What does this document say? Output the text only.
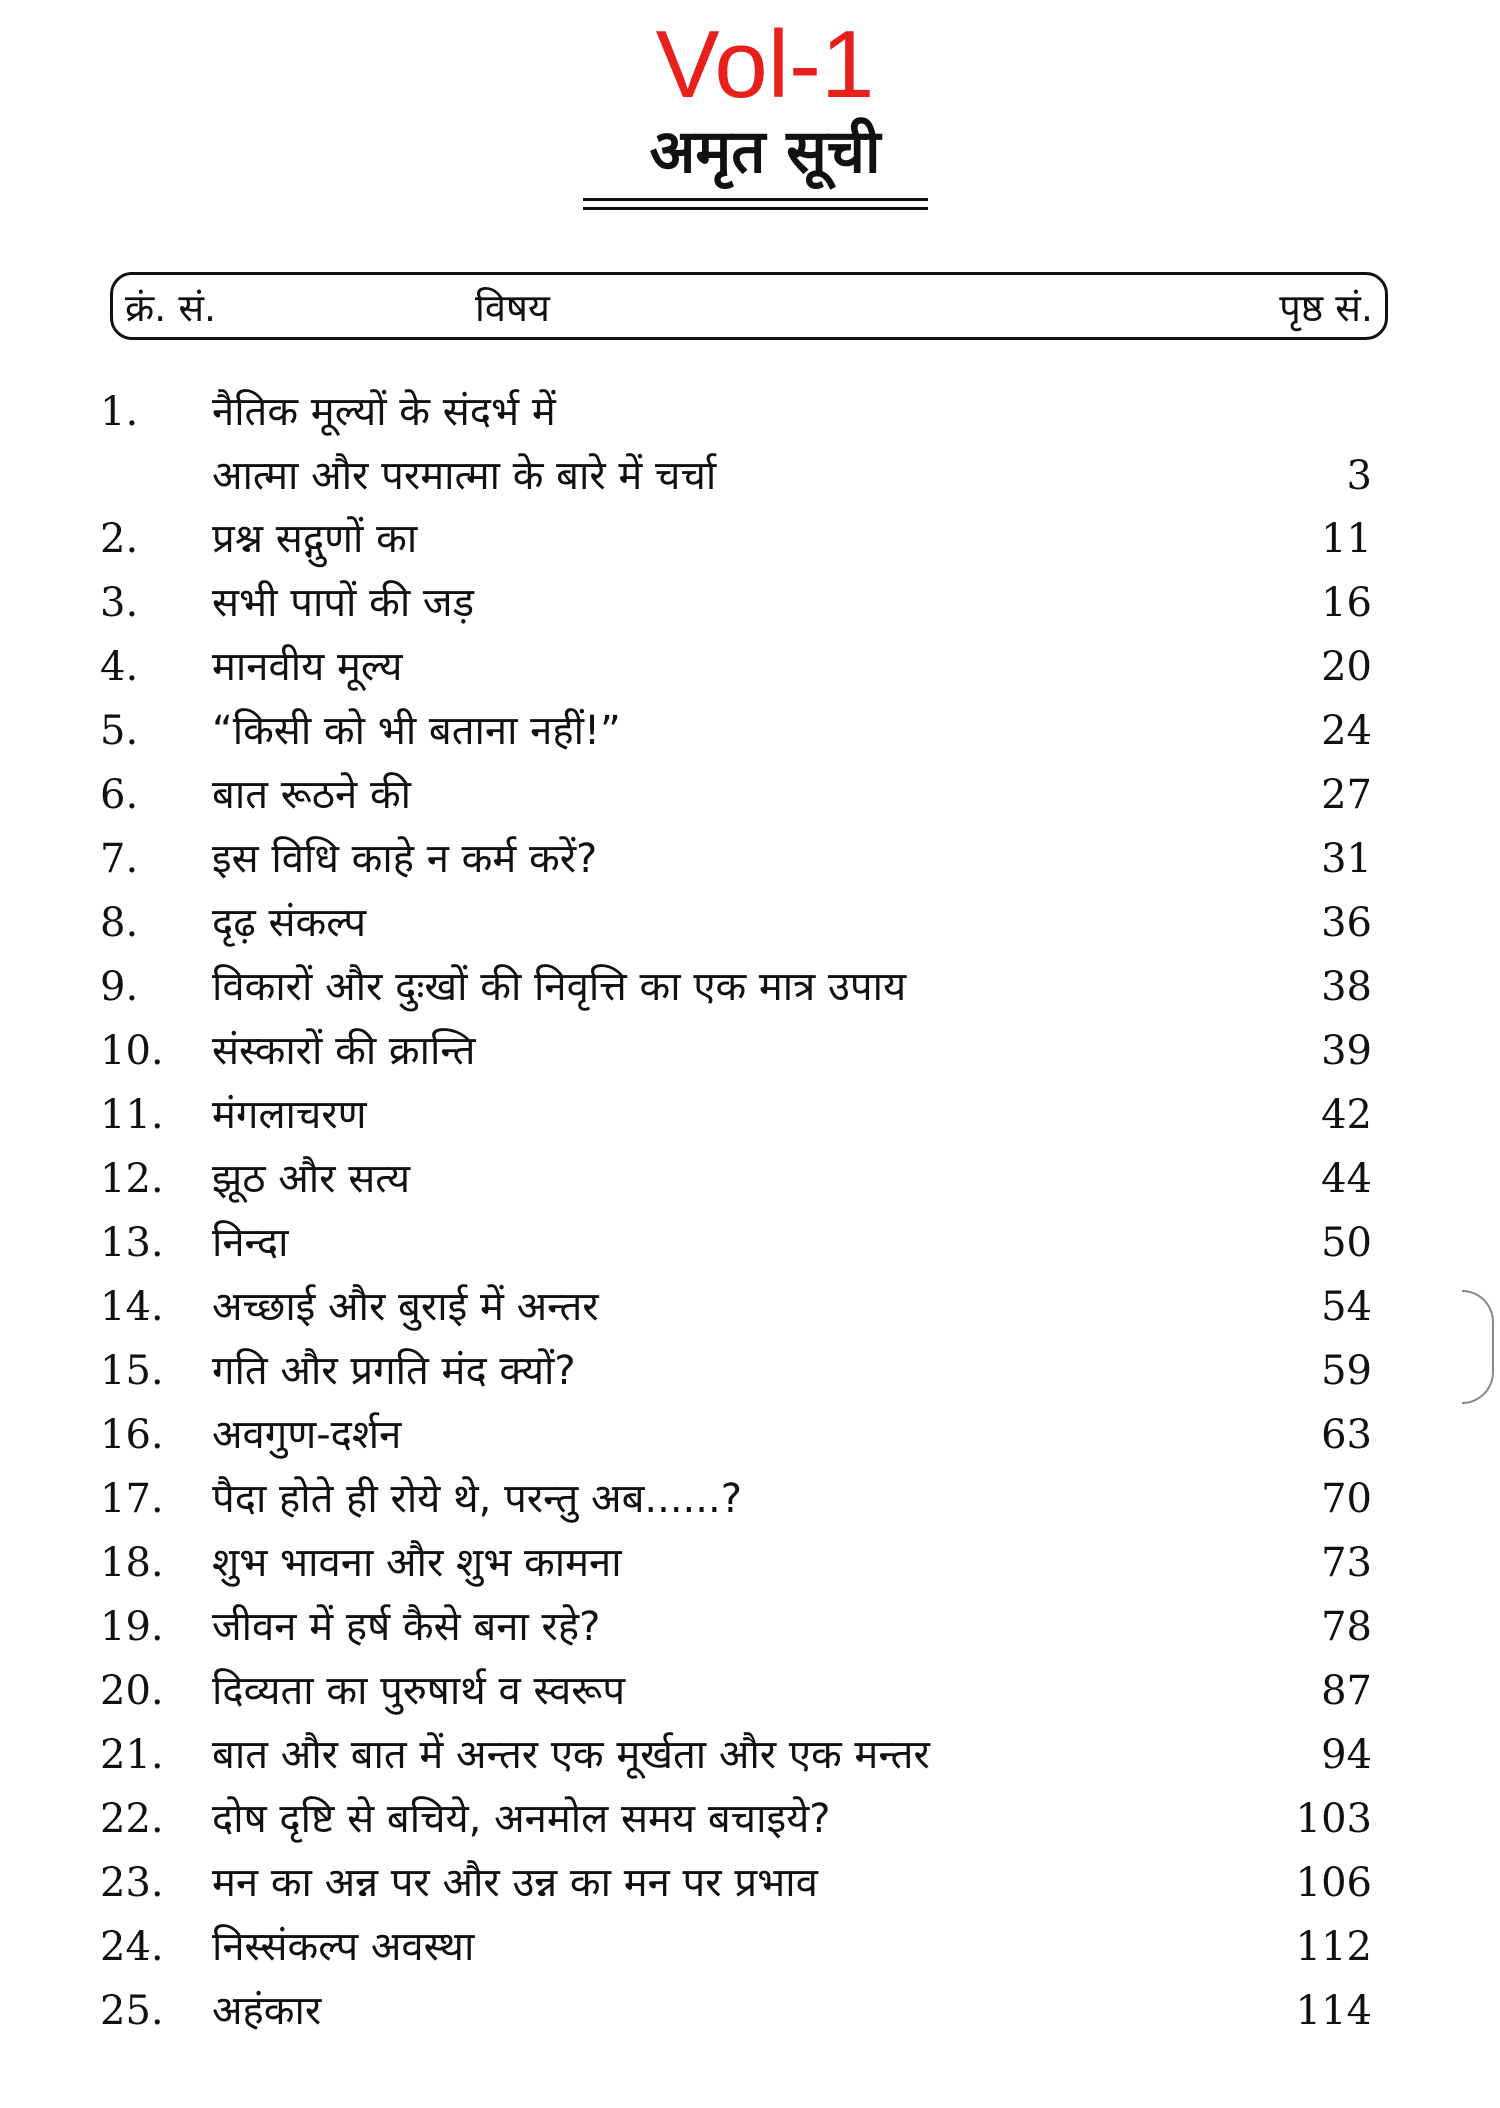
Vol-1
अमृत सूची
क्रं. सं.	विषय	पृष्ठ सं.
1. नैतिक मूल्यों के संदर्भ में
आत्मा और परमात्मा के बारे में चर्चा	3
2. प्रश्न सद्गुणों का	11
3. सभी पापों की जड़	16
4. मानवीय मूल्य	20
5. “किसी को भी बताना नहीं!”	24
6. बात रूठने की	27
7. इस विधि काहे न कर्म करें?	31
8. दृढ़ संकल्प	36
9. विकारों और दुःखों की निवृत्ति का एक मात्र उपाय	38
10. संस्कारों की क्रान्ति	39
11. मंगलाचरण	42
12. झूठ और सत्य	44
13. निन्दा	50
14. अच्छाई और बुराई में अन्तर	54
15. गति और प्रगति मंद क्यों?	59
16. अवगुण-दर्शन	63
17. पैदा होते ही रोये थे, परन्तु अब......?	70
18. शुभ भावना और शुभ कामना	73
19. जीवन में हर्ष कैसे बना रहे?	78
20. दिव्यता का पुरुषार्थ व स्वरूप	87
21. बात और बात में अन्तर एक मूर्खता और एक मन्तर	94
22. दोष दृष्टि से बचिये, अनमोल समय बचाइये?	103
23. मन का अन्न पर और उन्न का मन पर प्रभाव	106
24. निस्संकल्प अवस्था	112
25. अहंकार	114
